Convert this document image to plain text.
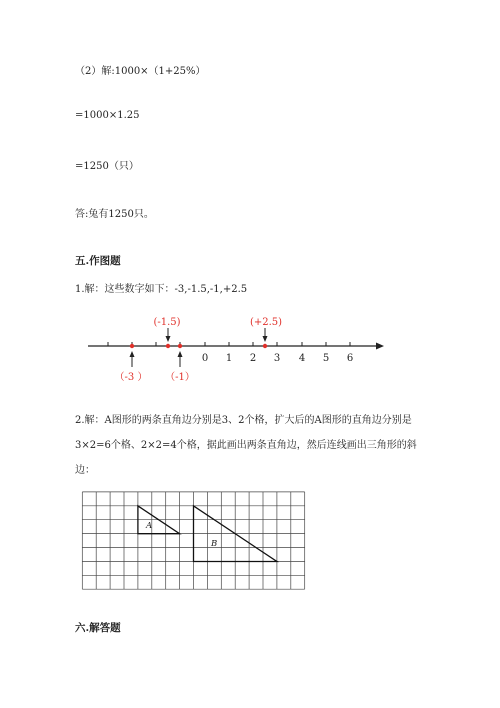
（2）解:1000×（1+25%）
=1000×1.25
=1250（只）
答:兔有1250只。
五.作图题
1.解：这些数字如下：-3,-1.5,-1,+2.5
0 1 2 3 4 5 6
(-1.5)	(+2.5)
（-3 ） （-1）
2.解：A图形的两条直角边分别是3、2个格，扩大后的A图形的直角边分别是
3×2=6个格、2×2=4个格，据此画出两条直角边，然后连线画出三角形的斜
边：
A
B
六.解答题
